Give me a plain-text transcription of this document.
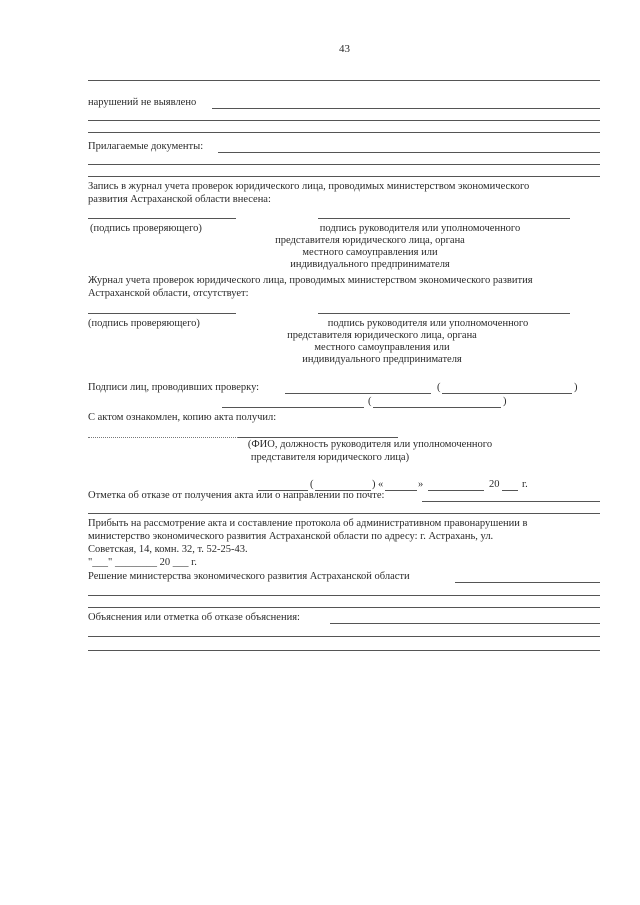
43
нарушений не выявлено
Прилагаемые документы:
Запись в журнал учета проверок юридического лица, проводимых министерством экономического
развития Астраханской области внесена:
(подпись проверяющего)	подпись руководителя или уполномоченного
представителя юридического лица, органа
местного самоуправления или
индивидуального предпринимателя
Журнал учета проверок юридического лица, проводимых министерством экономического развития
Астраханской области, отсутствует:
(подпись проверяющего)	подпись руководителя или уполномоченного
представителя юридического лица, органа
местного самоуправления или
индивидуального предпринимателя
Подписи лиц, проводивших проверку:	(	)
(	)
С актом ознакомлен, копию акта получил:
(ФИО, должность руководителя или уполномоченного
представителя юридического лица)
(	) «	»	20 г.
Отметка об отказе от получения акта или о направлении по почте:
Прибыть на рассмотрение акта и составление протокола об административном правонарушении в
министерство экономического развития Астраханской области по адресу: г. Астрахань, ул.
Советская, 14, комн. 32, т. 52-25-43.
"___" ________ 20 ___ г.
Решение министерства экономического развития Астраханской области
Объяснения или отметка об отказе объяснения:
